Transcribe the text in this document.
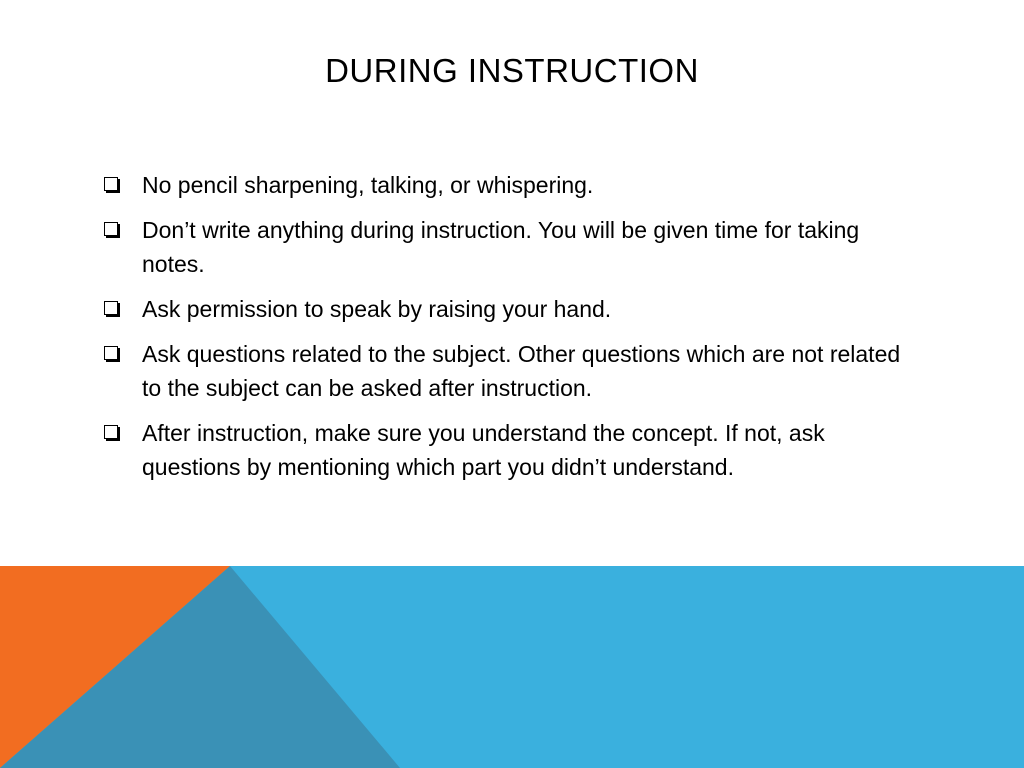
DURING INSTRUCTION
No pencil sharpening, talking, or whispering.
Don’t write anything during instruction. You will be given time for taking notes.
Ask permission to speak by raising your hand.
Ask questions related to the subject. Other questions which are not related to the subject can be asked after instruction.
After instruction, make sure you understand the concept. If not, ask questions by mentioning which part you didn’t understand.
